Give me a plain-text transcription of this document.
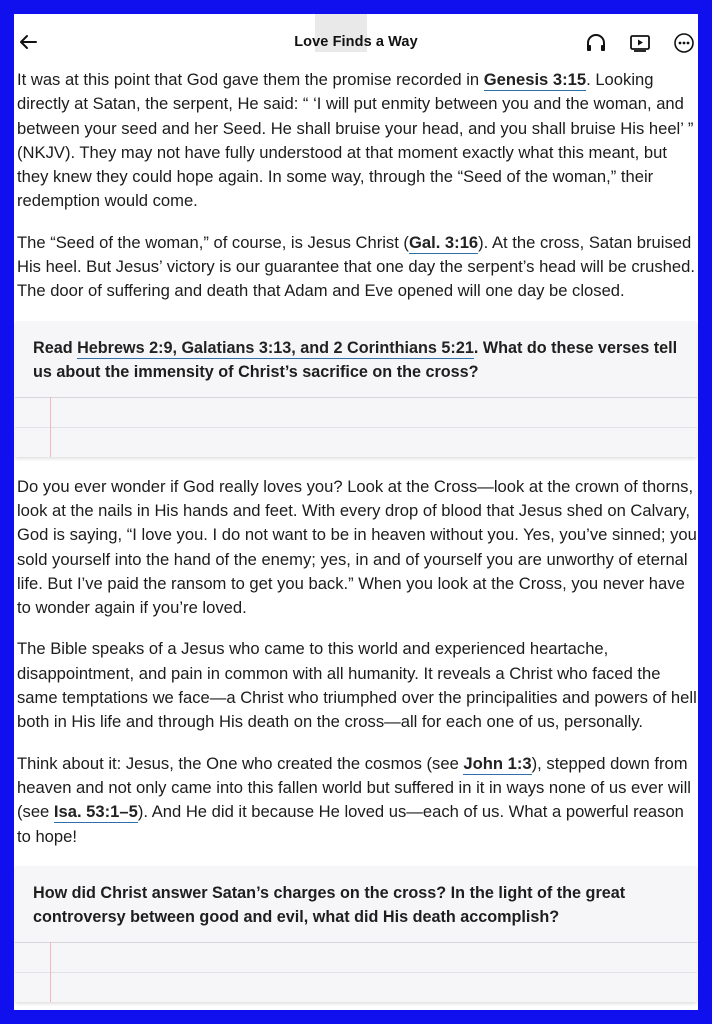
Love Finds a Way

It was at this point that God gave them the promise recorded in Genesis 3:15. Looking directly at Satan, the serpent, He said: “ ‘I will put enmity between you and the woman, and between your seed and her Seed. He shall bruise your head, and you shall bruise His heel’ ” (NKJV). They may not have fully understood at that moment exactly what this meant, but they knew they could hope again. In some way, through the “Seed of the woman,” their redemption would come.

The “Seed of the woman,” of course, is Jesus Christ (Gal. 3:16). At the cross, Satan bruised His heel. But Jesus’ victory is our guarantee that one day the serpent’s head will be crushed. The door of suffering and death that Adam and Eve opened will one day be closed.

Read Hebrews 2:9, Galatians 3:13, and 2 Corinthians 5:21. What do these verses tell us about the immensity of Christ’s sacrifice on the cross?

Do you ever wonder if God really loves you? Look at the Cross—look at the crown of thorns, look at the nails in His hands and feet. With every drop of blood that Jesus shed on Calvary, God is saying, “I love you. I do not want to be in heaven without you. Yes, you’ve sinned; you sold yourself into the hand of the enemy; yes, in and of yourself you are unworthy of eternal life. But I’ve paid the ransom to get you back.” When you look at the Cross, you never have to wonder again if you’re loved.

The Bible speaks of a Jesus who came to this world and experienced heartache, disappointment, and pain in common with all humanity. It reveals a Christ who faced the same temptations we face—a Christ who triumphed over the principalities and powers of hell both in His life and through His death on the cross—all for each one of us, personally.

Think about it: Jesus, the One who created the cosmos (see John 1:3), stepped down from heaven and not only came into this fallen world but suffered in it in ways none of us ever will (see Isa. 53:1–5). And He did it because He loved us—each of us. What a powerful reason to hope!

How did Christ answer Satan’s charges on the cross? In the light of the great controversy between good and evil, what did His death accomplish?
